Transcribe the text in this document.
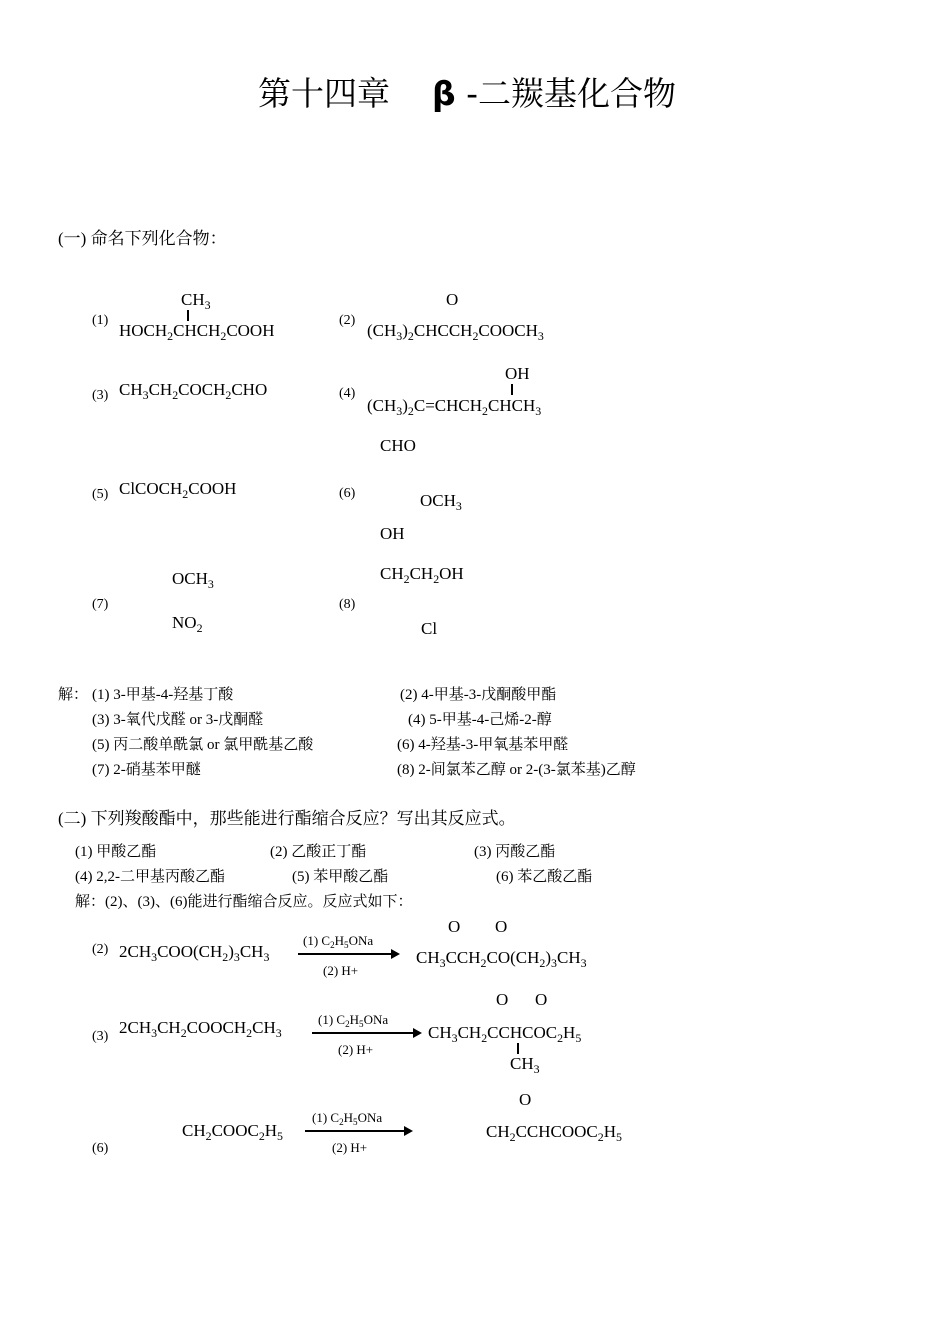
第十四章 β -二羰基化合物
(一) 命名下列化合物：
(1)
$CH_3$
$HOCH_2CHCH_2COOH$
(2)
O
$(CH_3)_2CHCCH_2COOCH_3$
(3) $CH_3CH_2COCH_2CHO$	(4)
OH
$(CH_3)_2C=CHCH_2CHCH_3$
(5) ClCOCH$_2$COOH	(6)
CHO
$OCH_3$
OH
(7)
$OCH_3$
$NO_2$
(8)
$CH_2CH_2OH$
Cl
解： (1) 3-甲基-4-羟基丁酸	(2) 4-甲基-3-戊酮酸甲酯
(3) 3-氧代戊醛 or 3-戊酮醛	(4) 5-甲基-4-己烯-2-醇
(5) 丙二酸单酰氯 or 氯甲酰基乙酸	(6) 4-羟基-3-甲氧基苯甲醛
(7) 2-硝基苯甲醚	(8) 2-间氯苯乙醇 or 2-(3-氯苯基)乙醇
(二) 下列羧酸酯中，那些能进行酯缩合反应？写出其反应式。
(1) 甲酸乙酯	(2) 乙酸正丁酯	(3) 丙酸乙酯
(4) 2,2-二甲基丙酸乙酯	(5) 苯甲酸乙酯	(6) 苯乙酸乙酯
解：(2)、(3)、(6)能进行酯缩合反应。反应式如下：
(2) $2CH_3COO(CH_2)_3CH_3$
(1) $C_2H_5ONa$
(2) H+
O O
$CH_3CCH_2CO(CH_2)_3CH_3$
(3) $2CH_3CH_2COOCH_2CH_3$
(1) $C_2H_5ONa$
(2) H+
O O
$CH_3CH_2CCHCOC_2H_5$
$CH_3$
(6)
$CH_2COOC_2H_5$
(1) $C_2H_5ONa$
(2) H+
O
$CH_2CCHCOOC_2H_5$
